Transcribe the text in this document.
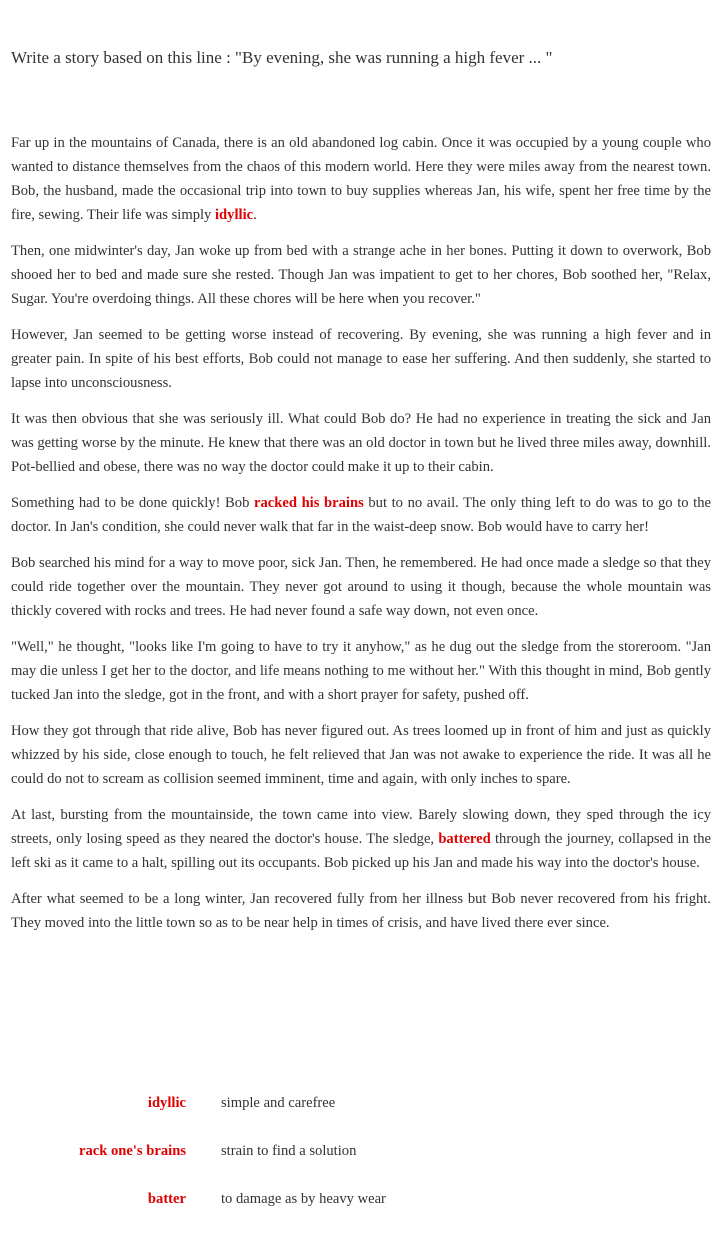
Write a story based on this line : "By evening, she was running a high fever ... "

Far up in the mountains of Canada, there is an old abandoned log cabin. Once it was occupied by a young couple who wanted to distance themselves from the chaos of this modern world. Here they were miles away from the nearest town. Bob, the husband, made the occasional trip into town to buy supplies whereas Jan, his wife, spent her free time by the fire, sewing. Their life was simply idyllic.

Then, one midwinter's day, Jan woke up from bed with a strange ache in her bones. Putting it down to overwork, Bob shooed her to bed and made sure she rested. Though Jan was impatient to get to her chores, Bob soothed her, "Relax, Sugar. You're overdoing things. All these chores will be here when you recover."

However, Jan seemed to be getting worse instead of recovering. By evening, she was running a high fever and in greater pain. In spite of his best efforts, Bob could not manage to ease her suffering. And then suddenly, she started to lapse into unconsciousness.

It was then obvious that she was seriously ill. What could Bob do? He had no experience in treating the sick and Jan was getting worse by the minute. He knew that there was an old doctor in town but he lived three miles away, downhill. Pot-bellied and obese, there was no way the doctor could make it up to their cabin.

Something had to be done quickly! Bob racked his brains but to no avail. The only thing left to do was to go to the doctor. In Jan's condition, she could never walk that far in the waist-deep snow. Bob would have to carry her!

Bob searched his mind for a way to move poor, sick Jan. Then, he remembered. He had once made a sledge so that they could ride together over the mountain. They never got around to using it though, because the whole mountain was thickly covered with rocks and trees. He had never found a safe way down, not even once.

"Well," he thought, "looks like I'm going to have to try it anyhow," as he dug out the sledge from the storeroom. "Jan may die unless I get her to the doctor, and life means nothing to me without her." With this thought in mind, Bob gently tucked Jan into the sledge, got in the front, and with a short prayer for safety, pushed off.

How they got through that ride alive, Bob has never figured out. As trees loomed up in front of him and just as quickly whizzed by his side, close enough to touch, he felt relieved that Jan was not awake to experience the ride. It was all he could do not to scream as collision seemed imminent, time and again, with only inches to spare.

At last, bursting from the mountainside, the town came into view. Barely slowing down, they sped through the icy streets, only losing speed as they neared the doctor's house. The sledge, battered through the journey, collapsed in the left ski as it came to a halt, spilling out its occupants. Bob picked up his Jan and made his way into the doctor's house.

After what seemed to be a long winter, Jan recovered fully from her illness but Bob never recovered from his fright. They moved into the little town so as to be near help in times of crisis, and have lived there ever since.

idyllic	simple and carefree
rack one's brains	strain to find a solution
batter	to damage as by heavy wear
